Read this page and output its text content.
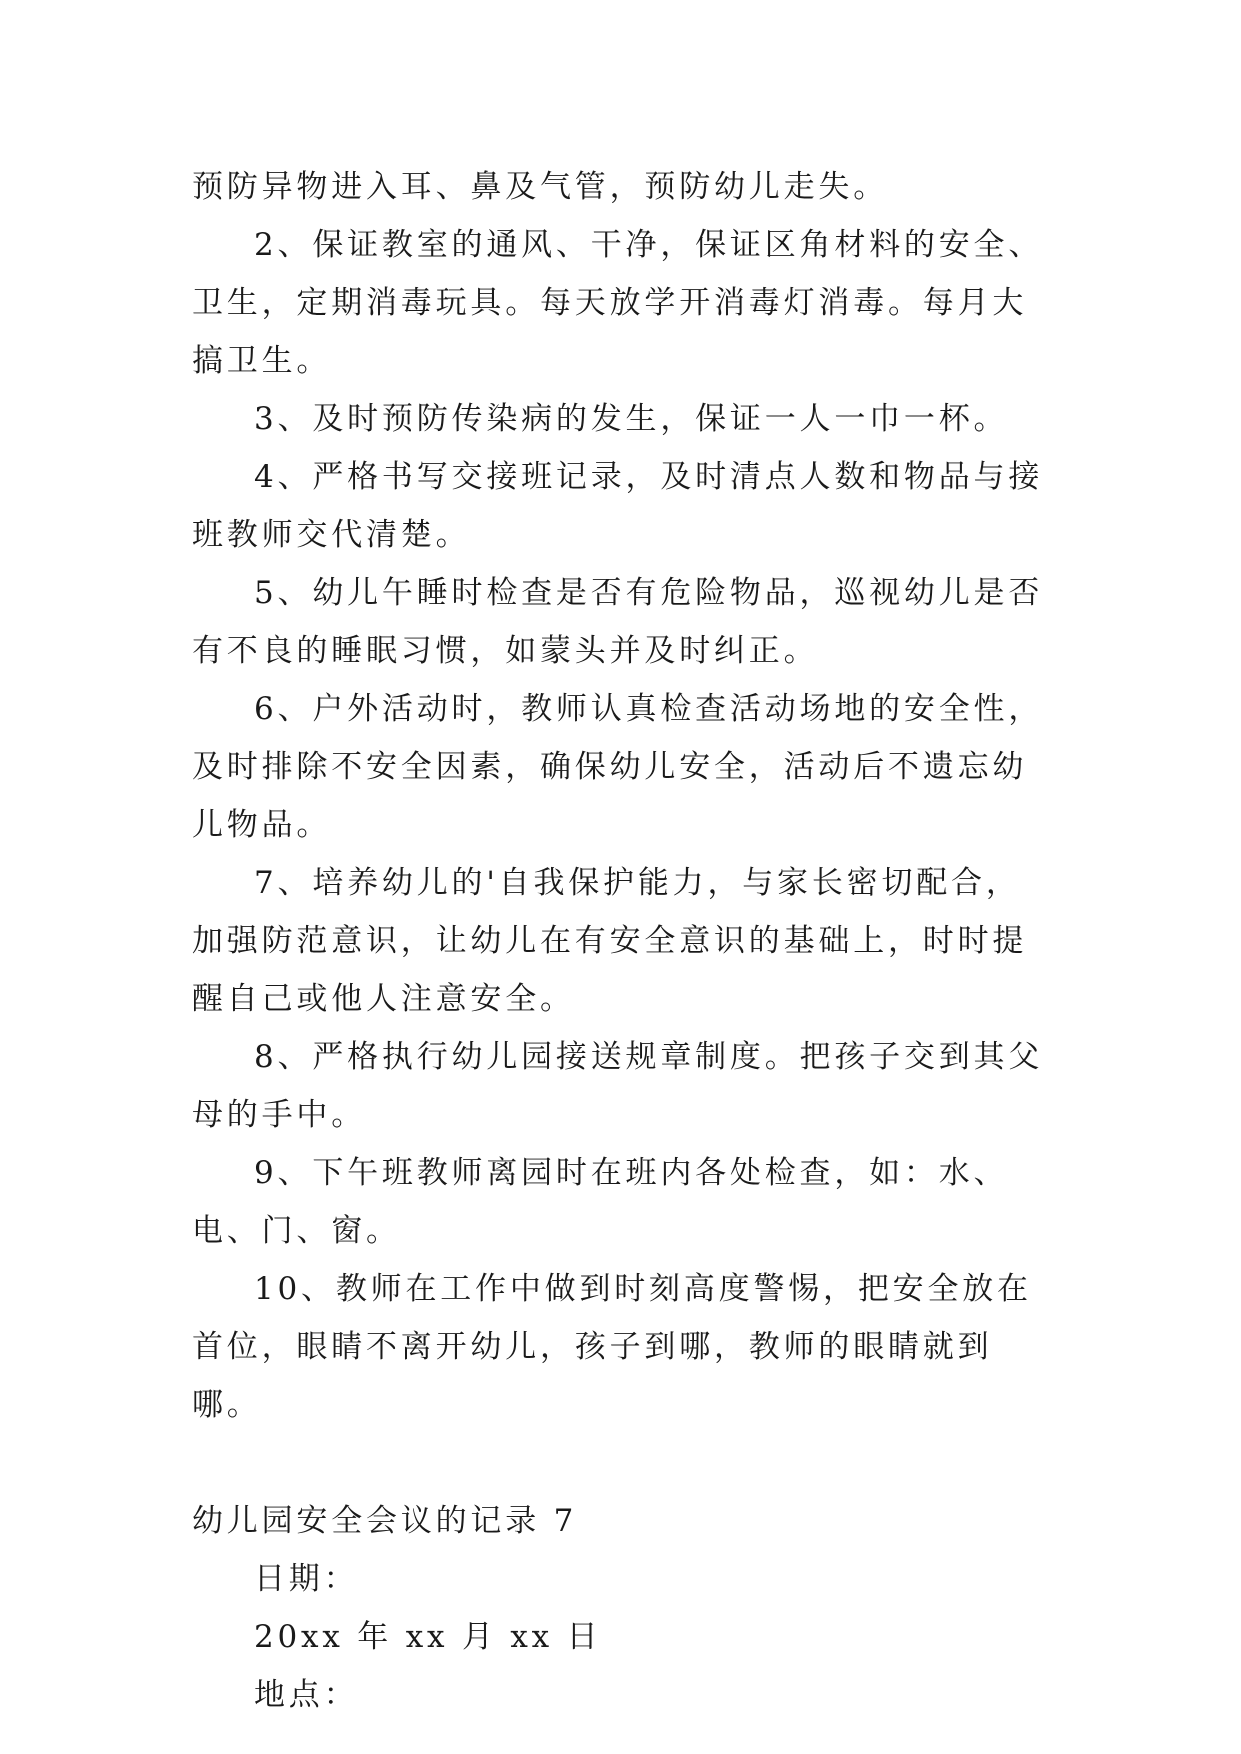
预防异物进入耳、鼻及气管，预防幼儿走失。

2、保证教室的通风、干净，保证区角材料的安全、卫生，定期消毒玩具。每天放学开消毒灯消毒。每月大搞卫生。

3、及时预防传染病的发生，保证一人一巾一杯。

4、严格书写交接班记录，及时清点人数和物品与接班教师交代清楚。

5、幼儿午睡时检查是否有危险物品，巡视幼儿是否有不良的睡眠习惯，如蒙头并及时纠正。

6、户外活动时，教师认真检查活动场地的安全性，及时排除不安全因素，确保幼儿安全，活动后不遗忘幼儿物品。

7、培养幼儿的'自我保护能力，与家长密切配合，加强防范意识，让幼儿在有安全意识的基础上，时时提醒自己或他人注意安全。

8、严格执行幼儿园接送规章制度。把孩子交到其父母的手中。

9、下午班教师离园时在班内各处检查，如：水、电、门、窗。

10、教师在工作中做到时刻高度警惕，把安全放在首位，眼睛不离开幼儿，孩子到哪，教师的眼睛就到哪。

幼儿园安全会议的记录 7

日期：

20xx 年 xx 月 xx 日

地点：
